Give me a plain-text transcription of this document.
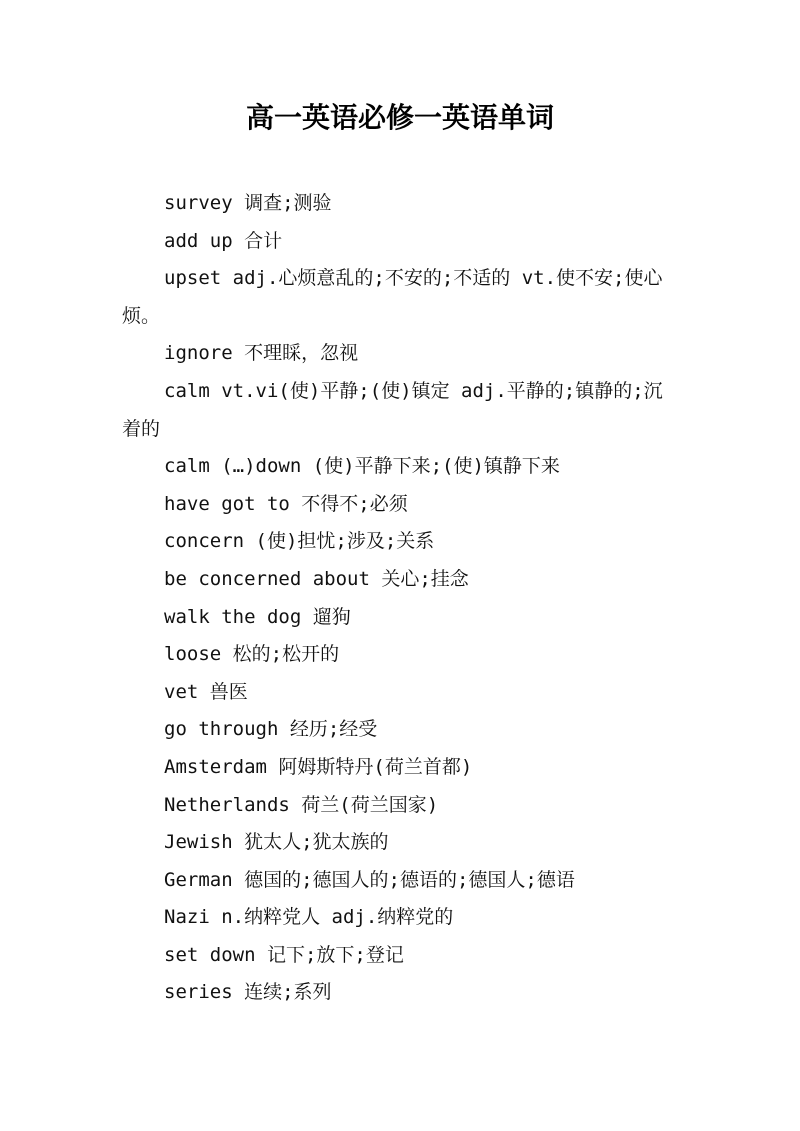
高一英语必修一英语单词

survey 调查;测验

add up 合计

upset adj.心烦意乱的;不安的;不适的 vt.使不安;使心烦。

ignore 不理睬，忽视

calm vt.vi(使)平静;(使)镇定 adj.平静的;镇静的;沉着的

calm (…)down (使)平静下来;(使)镇静下来

have got to 不得不;必须

concern (使)担忧;涉及;关系

be concerned about 关心;挂念

walk the dog 遛狗

loose 松的;松开的

vet 兽医

go through 经历;经受

Amsterdam 阿姆斯特丹(荷兰首都)

Netherlands 荷兰(荷兰国家)

Jewish 犹太人;犹太族的

German 德国的;德国人的;德语的;德国人;德语

Nazi n.纳粹党人 adj.纳粹党的

set down 记下;放下;登记

series 连续;系列
